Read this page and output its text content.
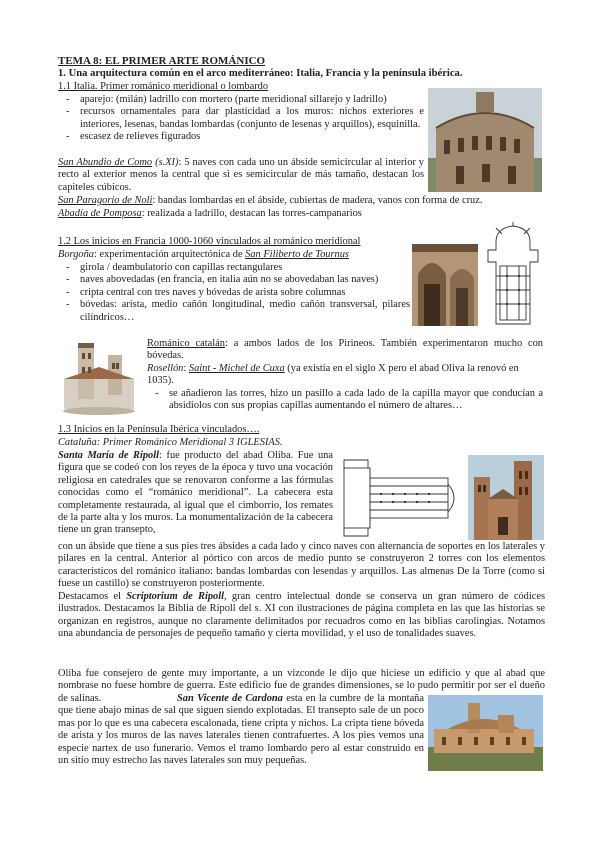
TEMA 8: EL PRIMER ARTE ROMÁNICO

1. Una arquitectura común en el arco mediterráneo: Italia, Francia y la península ibérica.

1.1 Italia. Primer románico meridional o lombardo

- aparejo: (milán) ladrillo con mortero (parte meridional sillarejo y ladrillo)
- recursos ornamentales para dar plasticidad a los muros: nichos exteriores e interiores, lesenas, bandas lombardas (conjunto de lesenas y arquillos), esquinilla.
- escasez de relieves figurados

San Abundio de Como (s.XI): 5 naves con cada uno un ábside semicircular al interior y recto al exterior menos la central que si es semicircular de más tamaño, destacan los capiteles cúbicos.

San Paragorio de Noli: bandas lombardas en el ábside, cubiertas de madera, vanos con forma de cruz.

Abadía de Pomposa: realizada a ladrillo, destacan las torres-campanarios

1.2 Los inicios en Francia 1000-1060 vinculados al románico meridional

Borgoña: experimentación arquitectónica de San Filiberto de Tournus

- girola / deambulatorio con capillas rectangulares
- naves abovedadas (en francia, en italia aún no se abovedaban las naves)
- cripta central con tres naves y bóvedas de arista sobre columnas
- bóvedas: arista, medio cañón longitudinal, medio cañón transversal, pilares cilíndricos…

Románico catalán: a ambos lados de los Pirineos. También experimentaron mucho con bóvedas.

Rosellón: Saint - Michel de Cuxa (ya existía en el siglo X pero el abad Oliva la renovó en 1035).

- se añadieron las torres, hizo un pasillo a cada lado de la capilla mayor que conducían a absidiolos con sus propias capillas aumentando el número de altares…

1.3 Inicios en la Península Ibérica vinculados….

Cataluña: Primer Románico Meridional 3 IGLESIAS.

Santa María de Ripoll: fue producto del abad Oliba. Fue una figura que se codeó con los reyes de la época y tuvo una vocación religiosa en catedrales que se renovaron conforme a las fórmulas conocidas como el “románico meridional”. La cabecera esta completamente restaurada, al igual que el cimborrio, los remates de la parte alta y los muros. La monumentalización de la cabecera tiene un gran transepto,

con un ábside que tiene a sus pies tres ábsides a cada lado y cinco naves con alternancia de soportes en los laterales y pilares en la central. Anterior al pórtico con arcos de medio punto se construyeron 2 torres con los elementos característicos del románico italiano: bandas lombardas con lesendas y arquillos. Las almenas De la Torre (como si fuese un castillo) se construyeron posteriormente.

Destacamos el Scriptorium de Ripoll, gran centro intelectual donde se conserva un gran número de códices ilustrados. Destacamos la Biblia de Ripoll del s. XI con ilustraciones de página completa en las que las historias se organizan en registros, aunque no claramente delimitados por recuadros como en las biblias carolingias. Notamos una abundancia de personajes de pequeño tamaño y cierta movilidad, y el uso de tonalidades suaves.

Oliba fue consejero de gente muy importante, a un vizconde le dijo que hiciese un edificio y que al abad que nombrase no fuese hombre de guerra. Este edificio fue de grandes dimensiones, se lo pudo permitir por ser el dueño de salinas.	San Vicente de Cardona esta en la cumbre de la montaña que tiene abajo minas de sal que siguen siendo explotadas. El transepto sale de un poco mas por lo que es una cabecera escalonada, tiene cripta y nichos. La cripta tiene bóveda de arista y los muros de las naves laterales tienen contrafuertes. A los pies vemos una especie nartex de uso funerario. Vemos el tramo lombardo pero al estar construido en un sitio muy estrecho las naves laterales son muy pequeñas.
